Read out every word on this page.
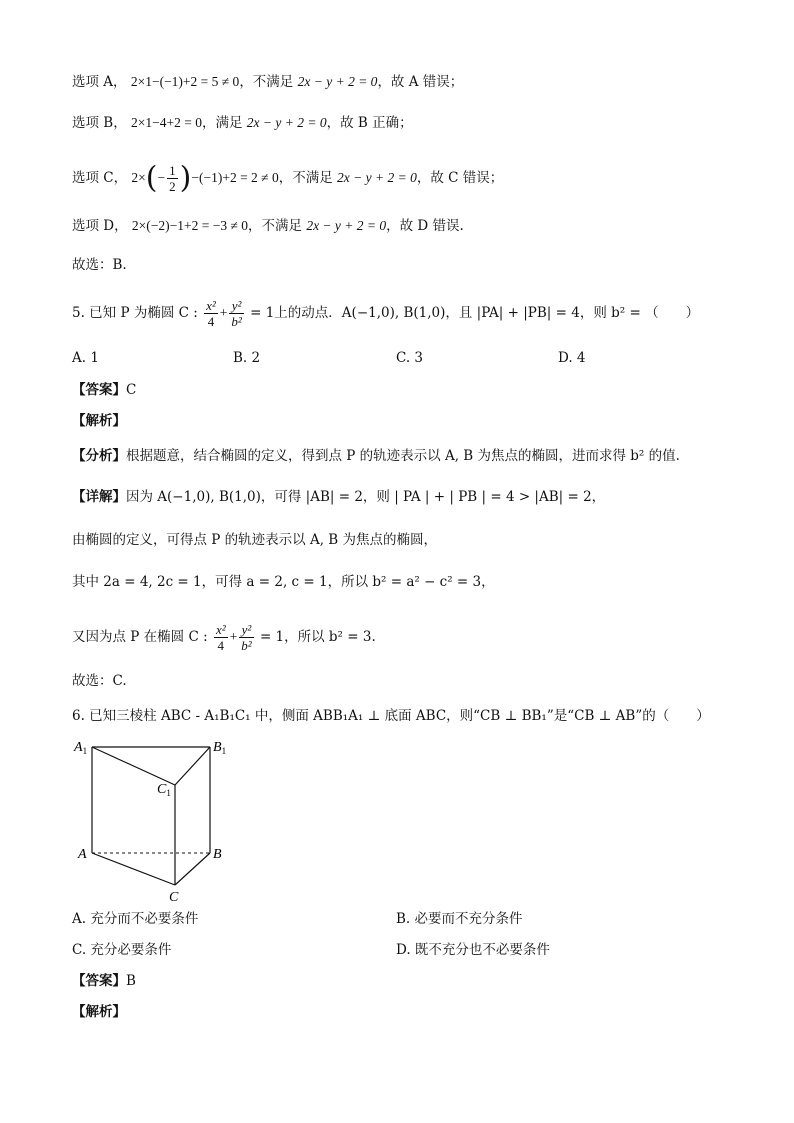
选项 A， 2×1−(−1)+2 = 5 ≠ 0，不满足 2x − y + 2 = 0，故 A 错误；
选项 B， 2×1−4+2 = 0，满足 2x − y + 2 = 0，故 B 正确；
选项 C， $2\times(- \frac{1}{2} )-(-1)+2 = 2 \ne 0$，不满足 2x − y + 2 = 0，故 C 错误；
选项 D， 2×(−2)−1+2 = −3 ≠ 0，不满足 2x − y + 2 = 0，故 D 错误.
故选：B.
5. 已知 P 为椭圆 C : $\frac{\text{x²}}{4} + \frac{\text{y²}}{\text{b²}} = 1$上的动点．A(−1,0), B(1,0)，且 |PA| + |PB| = 4，则 b² = （　　）
A. 1	B. 2	C. 3	D. 4
【答案】C
【解析】
【分析】根据题意，结合椭圆的定义，得到点 P 的轨迹表示以 A, B 为焦点的椭圆，进而求得 b² 的值.
【详解】因为 A(−1,0), B(1,0)，可得 |AB| = 2，则 | PA | + | PB | = 4 > |AB| = 2，
由椭圆的定义，可得点 P 的轨迹表示以 A, B 为焦点的椭圆，
其中 2a = 4, 2c = 1，可得 a = 2, c = 1，所以 b² = a² − c² = 3，
又因为点 P 在椭圆 C : $\frac{\text{x²}}{4} + \frac{\text{y²}}{\text{b²}} = 1$，所以 b² = 3.
故选：C.
6. 已知三棱柱 ABC - A₁B₁C₁ 中，侧面 ABB₁A₁ ⊥ 底面 ABC，则“CB ⊥ BB₁”是“CB ⊥ AB”的（　　）
$A_1$	$B_1$
$C_1$
A	B
C
A. 充分而不必要条件	B. 必要而不充分条件
C. 充分必要条件	D. 既不充分也不必要条件
【答案】B
【解析】
